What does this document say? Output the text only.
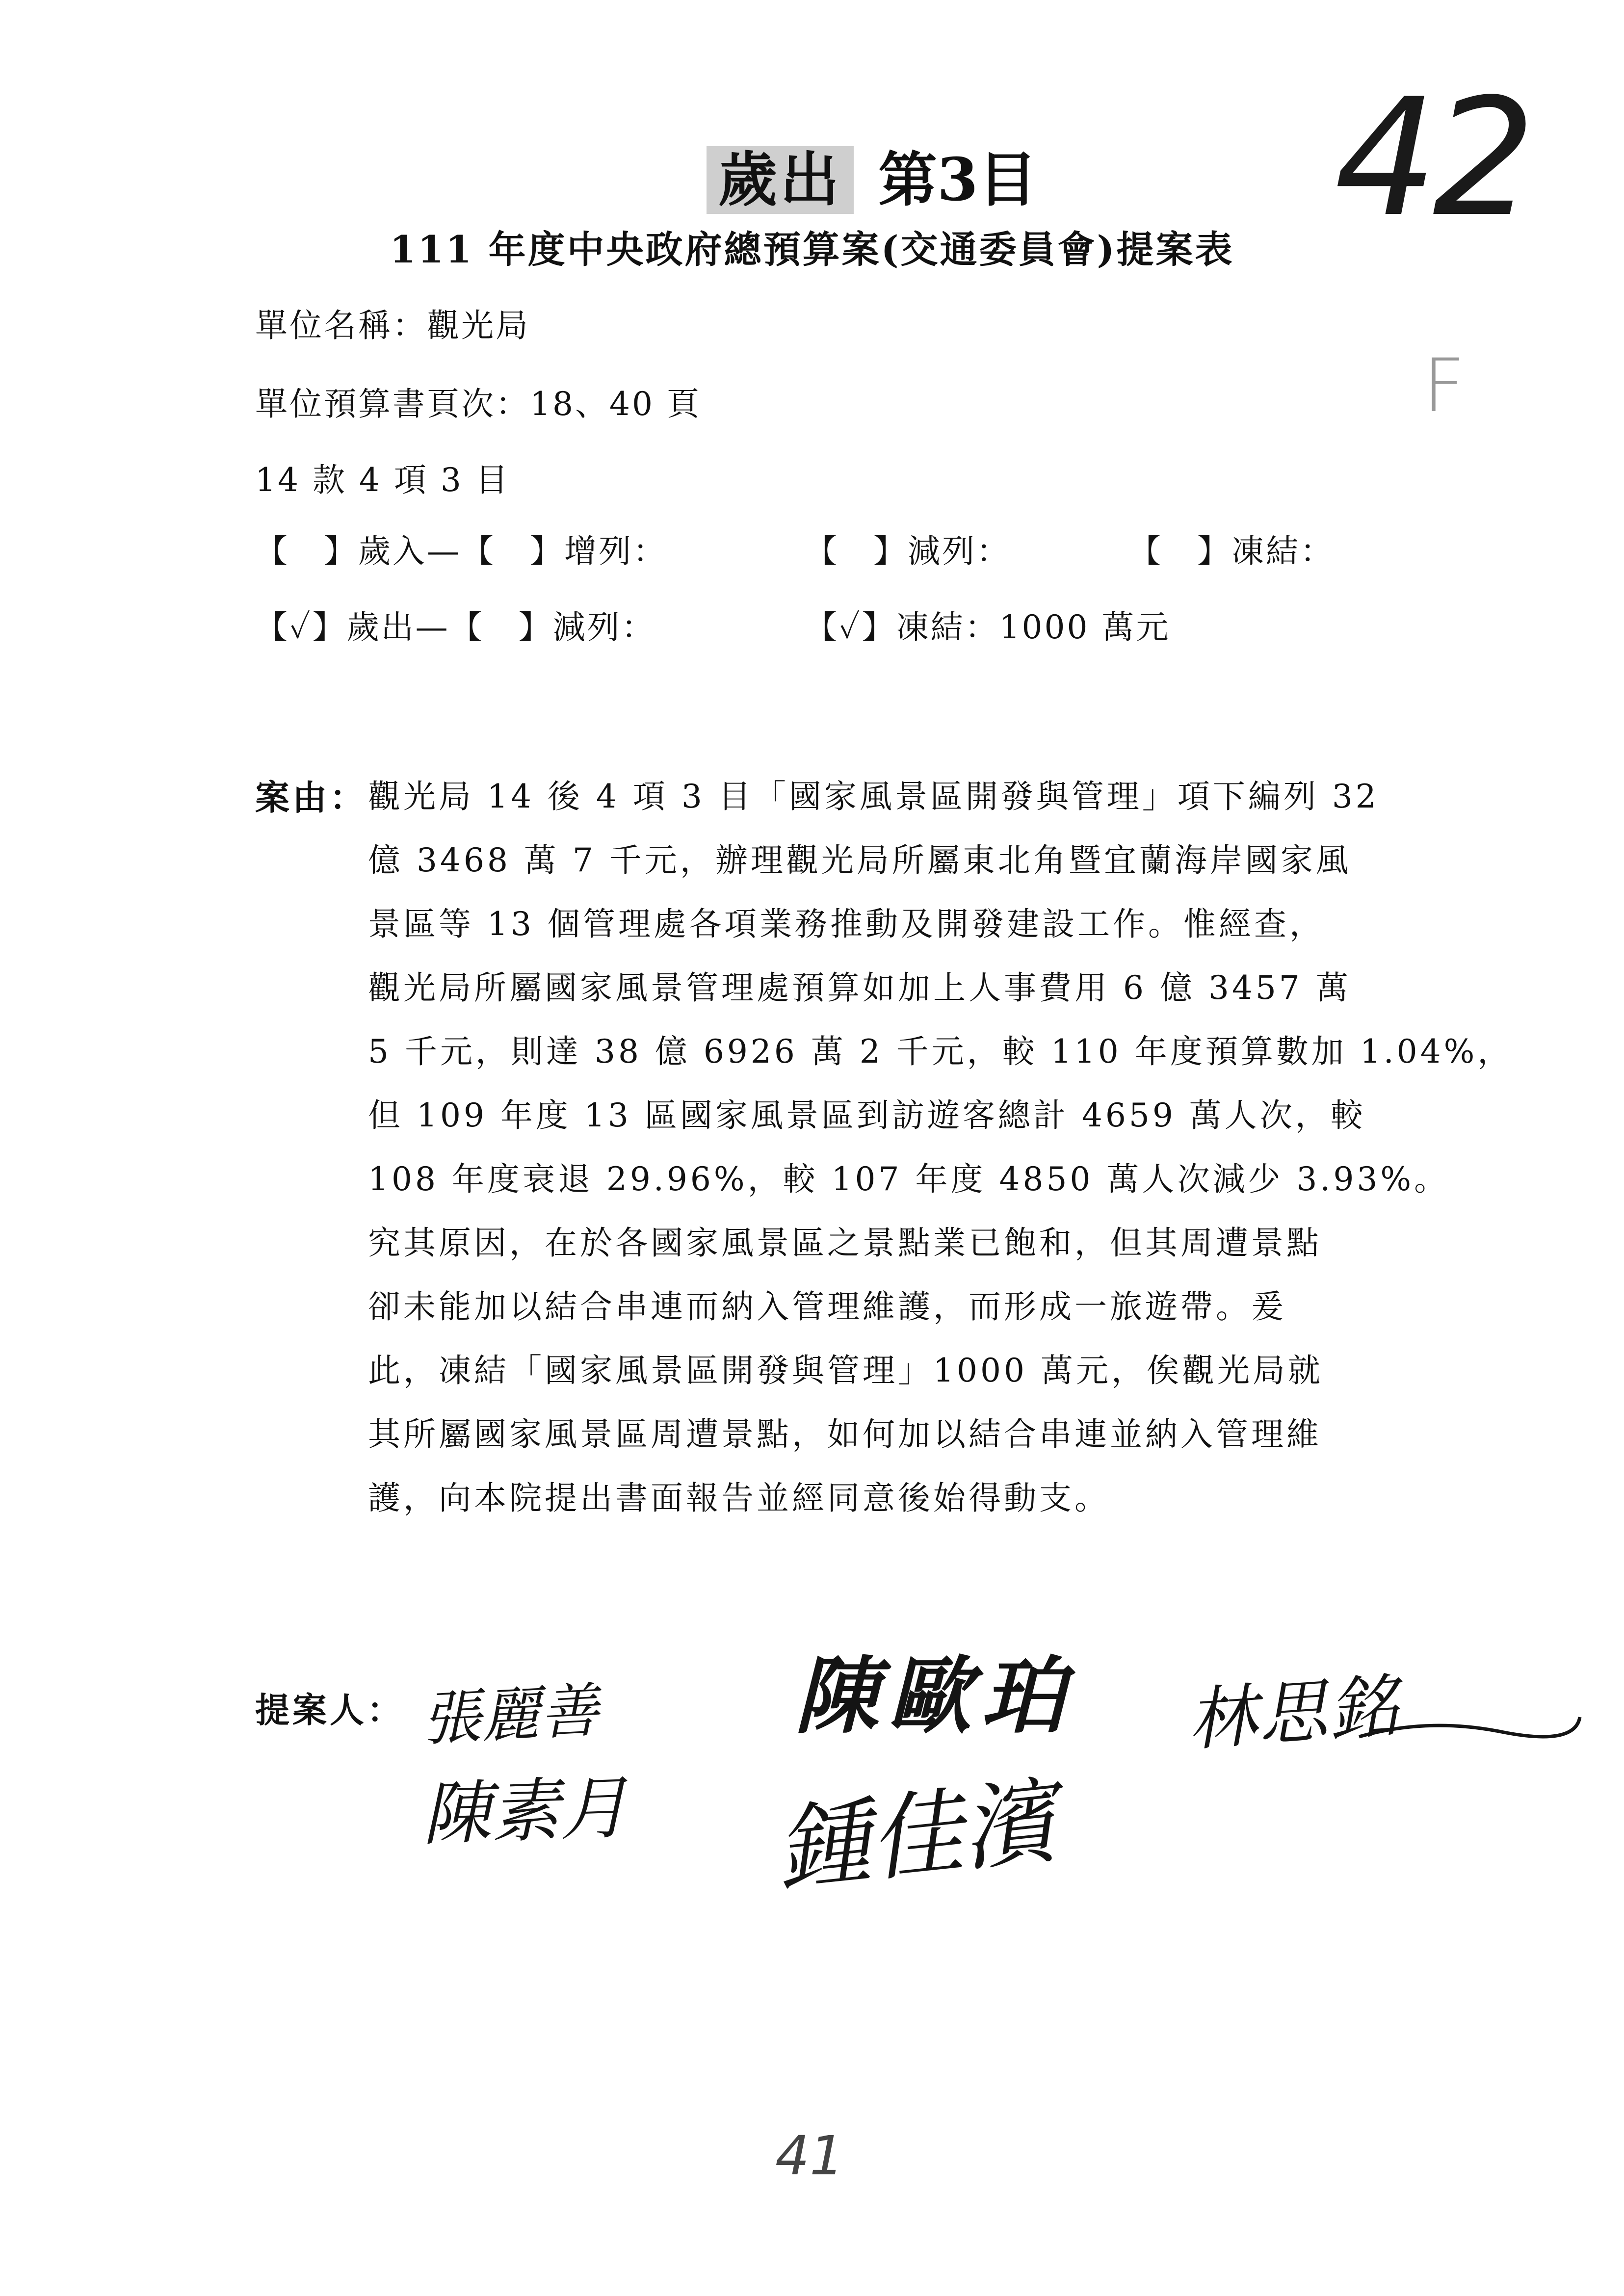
歲出 第3目 42
111 年度中央政府總預算案(交通委員會)提案表
F
單位名稱：觀光局
單位預算書頁次：18、40 頁
14 款 4 項 3 目
【　】歲入—【　】增列：	【　】減列：	【　】凍結：
【✓】歲出—【　】減列：	【✓】凍結：1000 萬元
案由： 觀光局 14 後 4 項 3 目「國家風景區開發與管理」項下編列 32
億 3468 萬 7 千元，辦理觀光局所屬東北角暨宜蘭海岸國家風
景區等 13 個管理處各項業務推動及開發建設工作。惟經查，
觀光局所屬國家風景管理處預算如加上人事費用 6 億 3457 萬
5 千元，則達 38 億 6926 萬 2 千元，較 110 年度預算數加 1.04%，
但 109 年度 13 區國家風景區到訪遊客總計 4659 萬人次，較
108 年度衰退 29.96%，較 107 年度 4850 萬人次減少 3.93%。
究其原因，在於各國家風景區之景點業已飽和，但其周遭景點
卻未能加以結合串連而納入管理維護，而形成一旅遊帶。爰
此，凍結「國家風景區開發與管理」1000 萬元，俟觀光局就
其所屬國家風景區周遭景點，如何加以結合串連並納入管理維
護，向本院提出書面報告並經同意後始得動支。
提案人： 張麗善 陳歐珀 林思銘
陳素月 鍾佳濱
41
